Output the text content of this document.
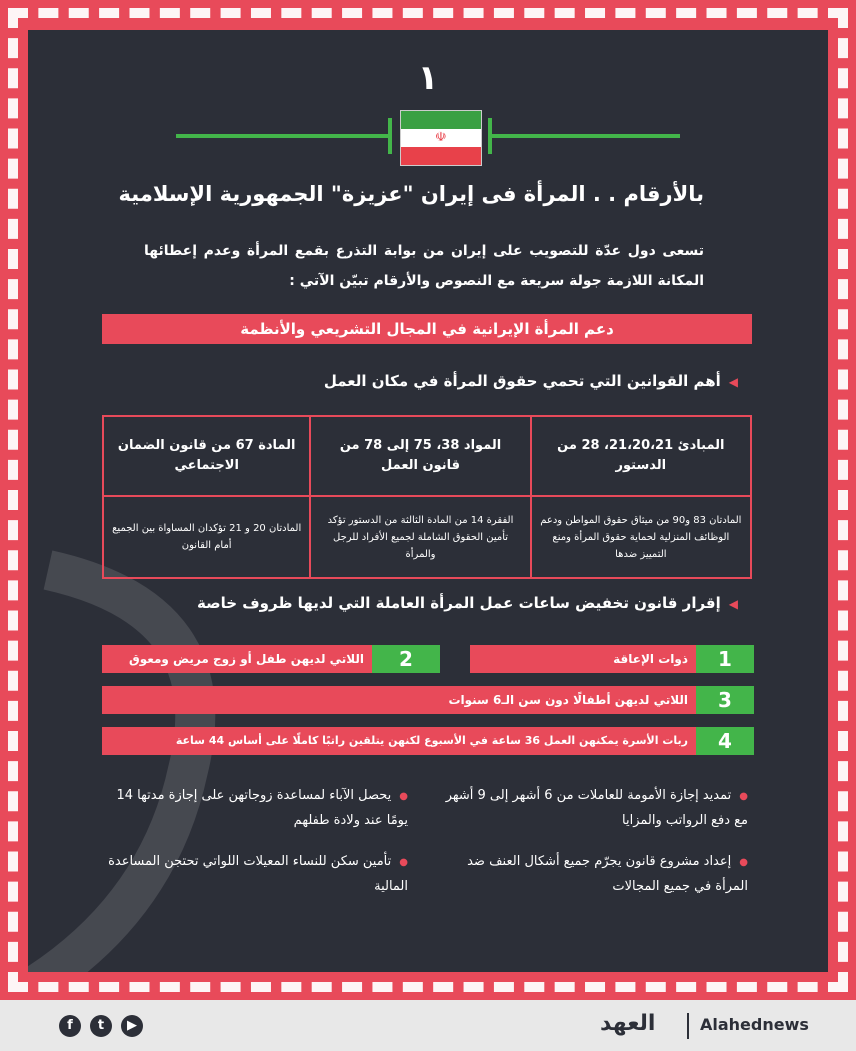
١
☫
بالأرقام . . المرأة فى إيران "عزيزة" الجمهورية الإسلامية
تسعى دول عدّة للتصويب على إيران من بوابة التذرع بقمع المرأة وعدم إعطائها المكانة اللازمة جولة سريعة مع النصوص والأرقام تبيّن الآتي :
دعم المرأة الإيرانية في المجال التشريعي والأنظمة
◀أهم القوانين التي تحمي حقوق المرأة في مكان العمل
المبادئ 21،20،21، 28 من الدستور	المواد 38، 75 إلى 78 من قانون العمل	المادة 67 من قانون الضمان الاجتماعي
المادتان 83 و90 من ميثاق حقوق المواطن ودعم الوظائف المنزلية لحماية حقوق المرأة ومنع التمييز ضدها	الفقرة 14 من المادة الثالثة من الدستور تؤكد تأمين الحقوق الشاملة لجميع الأفراد للرجل والمرأة	المادتان 20 و 21 تؤكدان المساواة بين الجميع أمام القانون
◀إقرار قانون تخفيض ساعات عمل المرأة العاملة التي لديها ظروف خاصة
ذوات الإعاقة	1
اللاتي لديهن طفل أو زوج مريض ومعوق	2
اللاتي لديهن أطفالًا دون سن الـ6 سنوات	3
ربات الأسرة يمكنهن العمل 36 ساعة في الأسبوع لكنهن يتلقين راتبًا كاملًا على أساس 44 ساعة	4
●تمديد إجازة الأمومة للعاملات من 6 أشهر إلى 9 أشهر مع دفع الرواتب والمزايا
●يحصل الآباء لمساعدة زوجاتهن على إجازة مدتها 14 يومًا عند ولادة طفلهم
●إعداد مشروع قانون يجرّم جميع أشكال العنف ضد المرأة في جميع المجالات
●تأمين سكن للنساء المعيلات اللواتي تحتجن المساعدة المالية
f	t	▶	العهد	Alahednews
